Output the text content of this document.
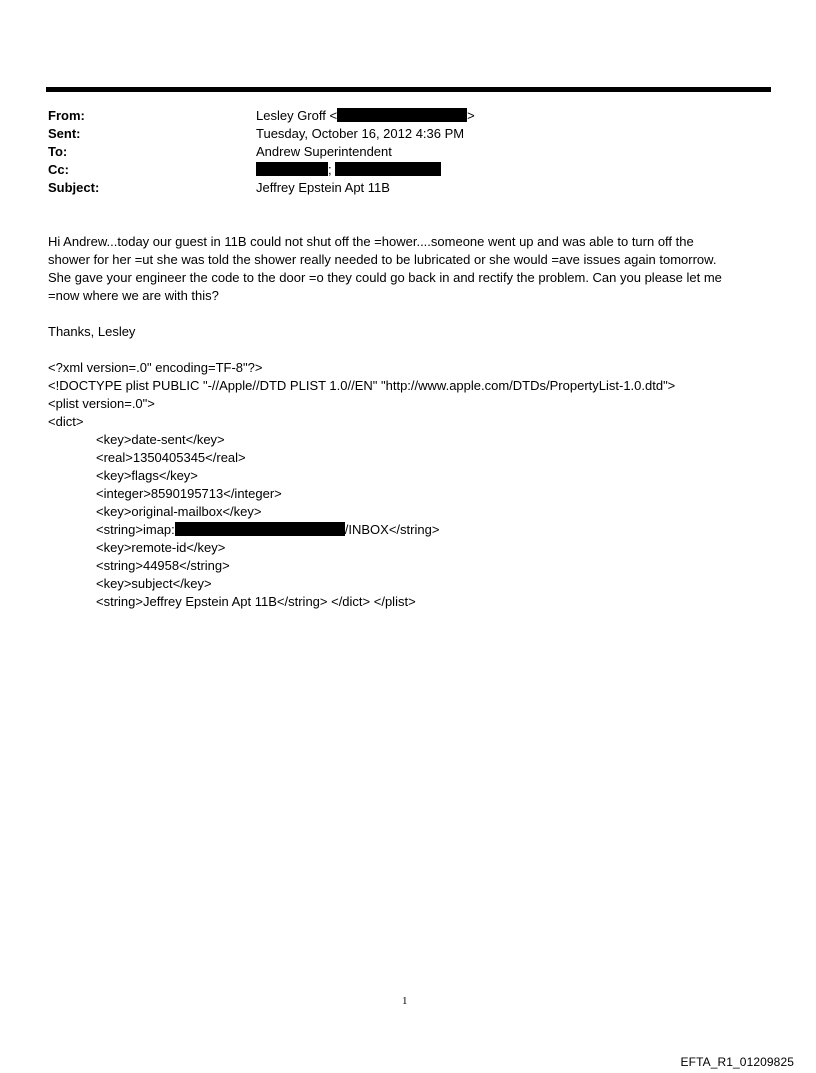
From:	Lesley Groff <	>
Sent:	Tuesday, October 16, 2012 4:36 PM
To:	Andrew Superintendent
Cc:	;
Subject:	Jeffrey Epstein Apt 11B
Hi Andrew...today our guest in 11B could not shut off the =hower....someone went up and was able to turn off the
shower for her =ut she was told the shower really needed to be lubricated or she would =ave issues again tomorrow.
She gave your engineer the code to the door =o they could go back in and rectify the problem. Can you please let me
=now where we are with this?
Thanks, Lesley
<?xml version=.0" encoding=TF-8"?>
<!DOCTYPE plist PUBLIC "-//Apple//DTD PLIST 1.0//EN" "http://www.apple.com/DTDs/PropertyList-1.0.dtd">
<plist version=.0">
<dict>
<key>date-sent</key>
<real>1350405345</real>
<key>flags</key>
<integer>8590195713</integer>
<key>original-mailbox</key>
<string>imap:	/INBOX</string>
<key>remote-id</key>
<string>44958</string>
<key>subject</key>
<string>Jeffrey Epstein Apt 11B</string> </dict> </plist>
1
EFTA_R1_01209825
